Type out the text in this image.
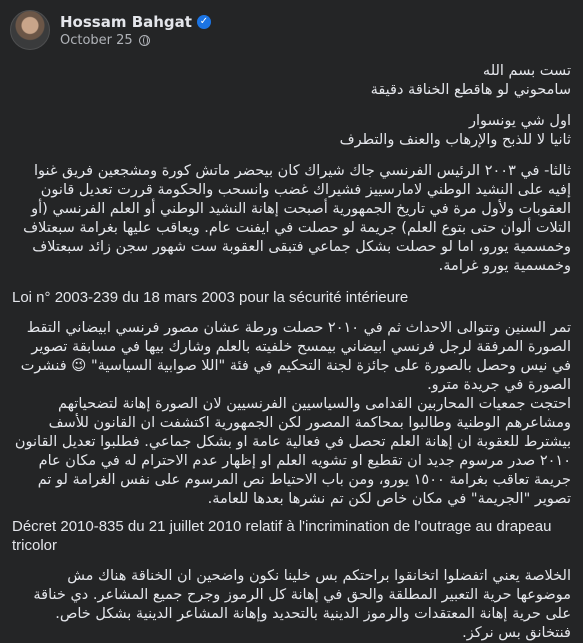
Hossam Bahgat ✓
October 25

تست بسم الله
سامحوني لو هاقطع الخناقة دقيقة

اول شي يونسوار
ثانيا لا للذبح والإرهاب والعنف والتطرف

ثالثا- في ٢٠٠٣ الرئيس الفرنسي جاك شيراك كان بيحضر ماتش كورة ومشجعين فريق غنوا إفيه على النشيد الوطني لامارسييز فشيراك غضب وانسحب والحكومة قررت تعديل قانون العقوبات ولأول مرة في تاريخ الجمهورية أصبحت إهانة النشيد الوطني أو العلم الفرنسي (أو التلات ألوان حتى بتوع العلم) جريمة لو حصلت في ايفنت عام. ويعاقب عليها بغرامة سبعتلاف وخمسمية يورو، اما لو حصلت بشكل جماعي فتبقى العقوبة ست شهور سجن زائد سبعتلاف وخمسمية يورو غرامة.

Loi n° 2003-239 du 18 mars 2003 pour la sécurité intérieure

تمر السنين وتتوالى الاحداث ثم في ٢٠١٠ حصلت ورطة عشان مصور فرنسي ابيضاني التقط الصورة المرفقة لرجل فرنسي ابيضاني بيمسح خلفيته بالعلم وشارك بيها في مسابقة تصوير في نيس وحصل بالصورة على جائزة لجنة التحكيم في فئة "اللا صوابية السياسية" 😉 فنشرت الصورة في جريدة مترو.
احتجت جمعيات المحاربين القدامى والسياسيين الفرنسيين لان الصورة إهانة لتضحياتهم ومشاعرهم الوطنية وطالبوا بمحاكمة المصور لكن الجمهورية اكتشفت ان القانون للأسف بيشترط للعقوبة ان إهانة العلم تحصل في فعالية عامة او بشكل جماعي. فطلبوا تعديل القانون
٢٠١٠ صدر مرسوم جديد ان تقطيع او تشويه العلم او إظهار عدم الاحترام له في مكان عام جريمة تعاقب بغرامة ١٥٠٠ يورو، ومن باب الاحتياط نص المرسوم على نفس الغرامة لو تم تصوير "الجريمة" في مكان خاص لكن تم نشرها بعدها للعامة.

Décret 2010-835 du 21 juillet 2010 relatif à l'incrimination de l'outrage au drapeau tricolor

الخلاصة يعني اتفضلوا اتخانقوا براحتكم بس خلينا نكون واضحين ان الخناقة هناك مش موضوعها حرية التعبير المطلقة والحق في إهانة كل الرموز وجرح جميع المشاعر. دي خناقة على حرية إهانة المعتقدات والرموز الدينية بالتحديد وإهانة المشاعر الدينية بشكل خاص. فنتخانق بس نركز.
